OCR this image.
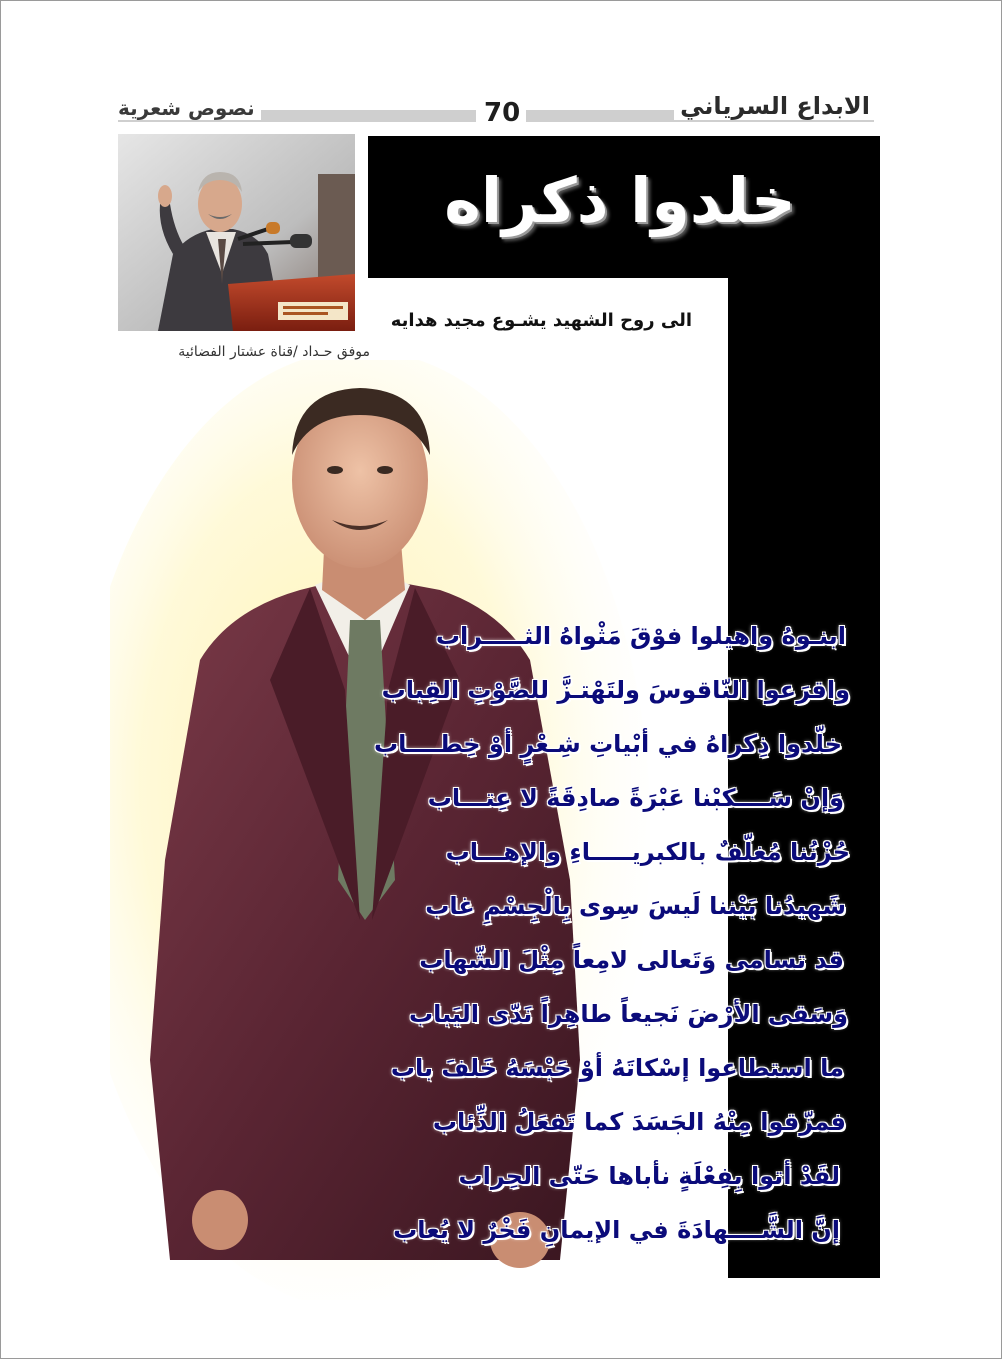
الابداع السرياني
نصوص شعرية	70
خلدوا ذكراه
الى روح الشهيد يشـوع مجيد هدايه
موفق حـداد /قناة عشتار الفضائية
ابنـوهُ واهيلوا فوْقَ مَثْواهُ الثـــــراب
واقرَعوا النّاقوسَ ولتَهْتـزَّ للصَّوْتِ القِباب
خلّدوا ذِكراهُ في أبْياتِ شِـعْرٍ أوْ خِطــــاب
وَإنْ سَــــكبْنا عَبْرَةً صادِقَةً لا عِتـــاب
حُزْنُنا مُغلّفٌ بالكبريـــــاءِ والإهـــاب
شَهيدُنا بَيْننا لَيسَ سِوى بِالْجِسْمِ غاب
قد تسامى وَتَعالى لامِعاً مِثْلَ الشّهاب
وَسَقى الأرْضَ نَجيعاً طاهِراً نَدّى اليَباب
ما استطاعوا إسْكاتَهُ أوْ حَبْسَهُ خَلفَ باب
فمزّقوا مِنْهُ الجَسَدَ كما تَفعَلُ الذِّئاب
لقَدْ أتوا بِفِعْلَةٍ نأباها حَتّى الحِراب
إنَّ الشَّــــهادَةَ في الإيمانِ فَخْرٌ لا يُعاب
